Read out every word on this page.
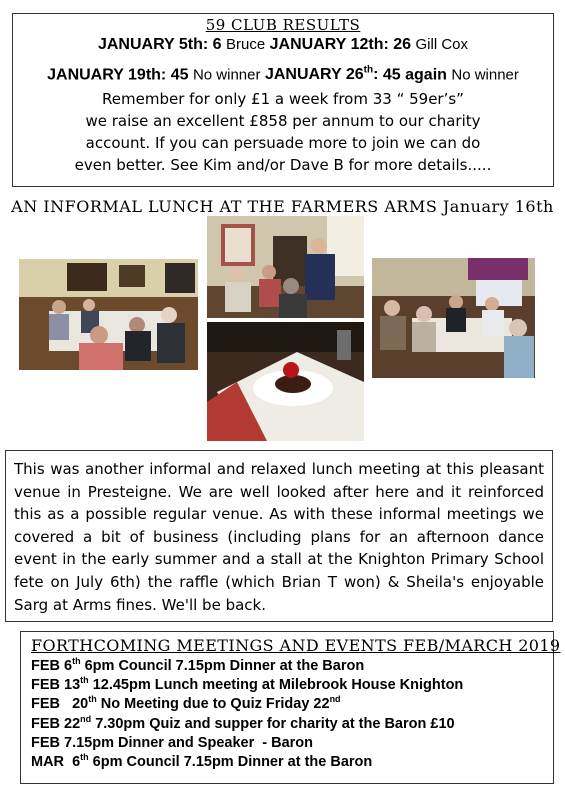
59 CLUB RESULTS
JANUARY 5th: 6 Bruce JANUARY 12th: 26 Gill Cox
JANUARY 19th: 45 No winner JANUARY 26th: 45 again No winner
Remember for only £1 a week from 33 “ 59er’s”
we raise an excellent £858 per annum to our charity
account. If you can persuade more to join we can do
even better. See Kim and/or Dave B for more details.....
AN INFORMAL LUNCH AT THE FARMERS ARMS January 16th

This was another informal and relaxed lunch meeting at this pleasant venue in Presteigne. We are well looked after here and it reinforced this as a possible regular venue. As with these informal meetings we covered a bit of business (including plans for an afternoon dance event in the early summer and a stall at the Knighton Primary School fete on July 6th) the raffle (which Brian T won) & Sheila's enjoyable Sarg at Arms fines. We'll be back.

FORTHCOMING MEETINGS AND EVENTS FEB/MARCH 2019
FEB 6th 6pm Council 7.15pm Dinner at the Baron
FEB 13th 12.45pm Lunch meeting at Milebrook House Knighton
FEB   20th No Meeting due to Quiz Friday 22nd
FEB 22nd 7.30pm Quiz and supper for charity at the Baron £10
FEB 7.15pm Dinner and Speaker  - Baron
MAR  6th 6pm Council 7.15pm Dinner at the Baron
